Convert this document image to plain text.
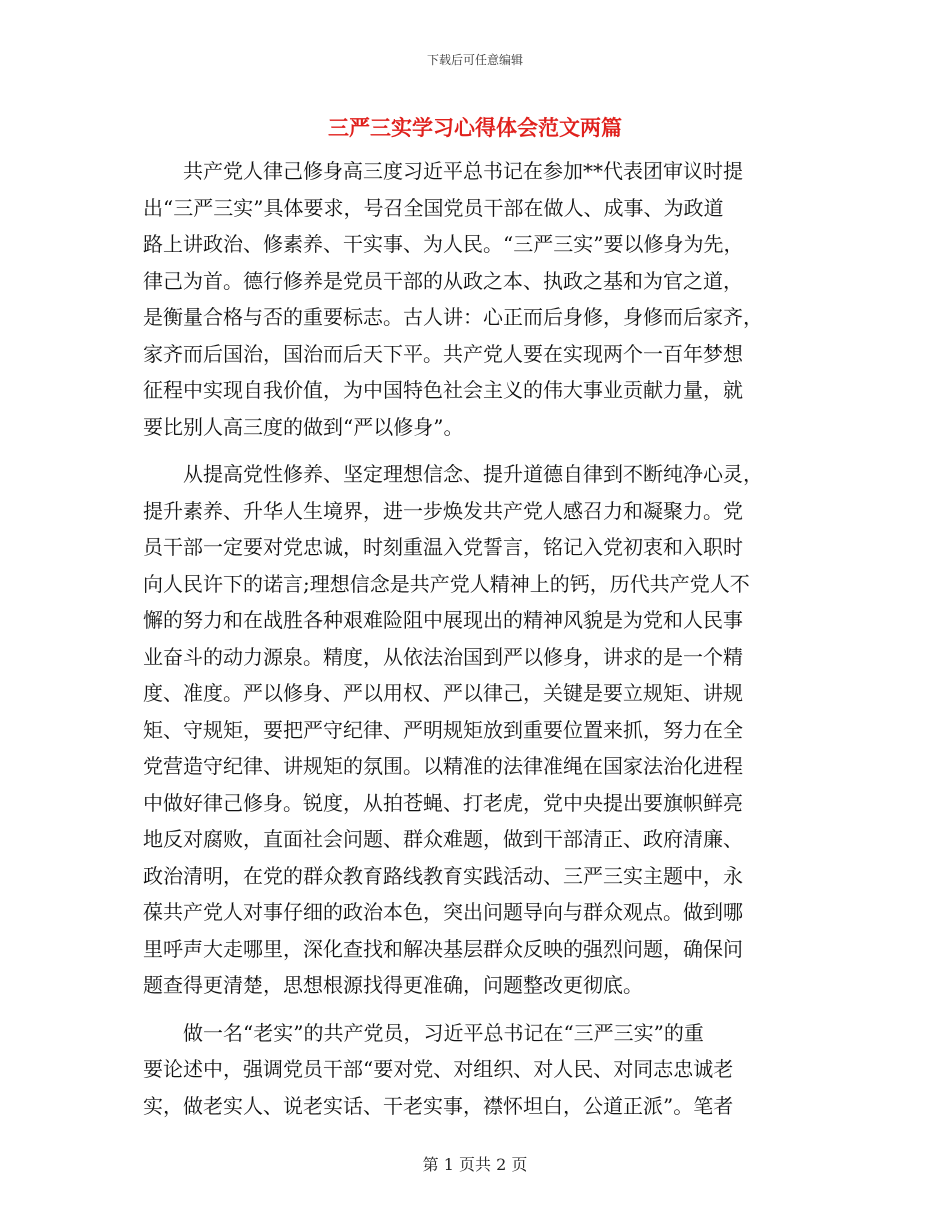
下载后可任意编辑
三严三实学习心得体会范文两篇

共产党人律己修身高三度习近平总书记在参加**代表团审议时提
出“三严三实”具体要求，号召全国党员干部在做人、成事、为政道
路上讲政治、修素养、干实事、为人民。“三严三实”要以修身为先，
律己为首。德行修养是党员干部的从政之本、执政之基和为官之道，
是衡量合格与否的重要标志。古人讲：心正而后身修，身修而后家齐，
家齐而后国治，国治而后天下平。共产党人要在实现两个一百年梦想
征程中实现自我价值，为中国特色社会主义的伟大事业贡献力量，就
要比别人高三度的做到“严以修身”。

从提高党性修养、坚定理想信念、提升道德自律到不断纯净心灵，
提升素养、升华人生境界，进一步焕发共产党人感召力和凝聚力。党
员干部一定要对党忠诚，时刻重温入党誓言，铭记入党初衷和入职时
向人民许下的诺言;理想信念是共产党人精神上的钙，历代共产党人不
懈的努力和在战胜各种艰难险阻中展现出的精神风貌是为党和人民事
业奋斗的动力源泉。精度，从依法治国到严以修身，讲求的是一个精
度、准度。严以修身、严以用权、严以律己，关键是要立规矩、讲规
矩、守规矩，要把严守纪律、严明规矩放到重要位置来抓，努力在全
党营造守纪律、讲规矩的氛围。以精准的法律准绳在国家法治化进程
中做好律己修身。锐度，从拍苍蝇、打老虎，党中央提出要旗帜鲜亮
地反对腐败，直面社会问题、群众难题，做到干部清正、政府清廉、
政治清明，在党的群众教育路线教育实践活动、三严三实主题中，永
葆共产党人对事仔细的政治本色，突出问题导向与群众观点。做到哪
里呼声大走哪里，深化查找和解决基层群众反映的强烈问题，确保问
题查得更清楚，思想根源找得更准确，问题整改更彻底。

做一名“老实”的共产党员，习近平总书记在“三严三实”的重
要论述中，强调党员干部“要对党、对组织、对人民、对同志忠诚老
实，做老实人、说老实话、干老实事，襟怀坦白，公道正派”。笔者

第 1 页共 2 页
